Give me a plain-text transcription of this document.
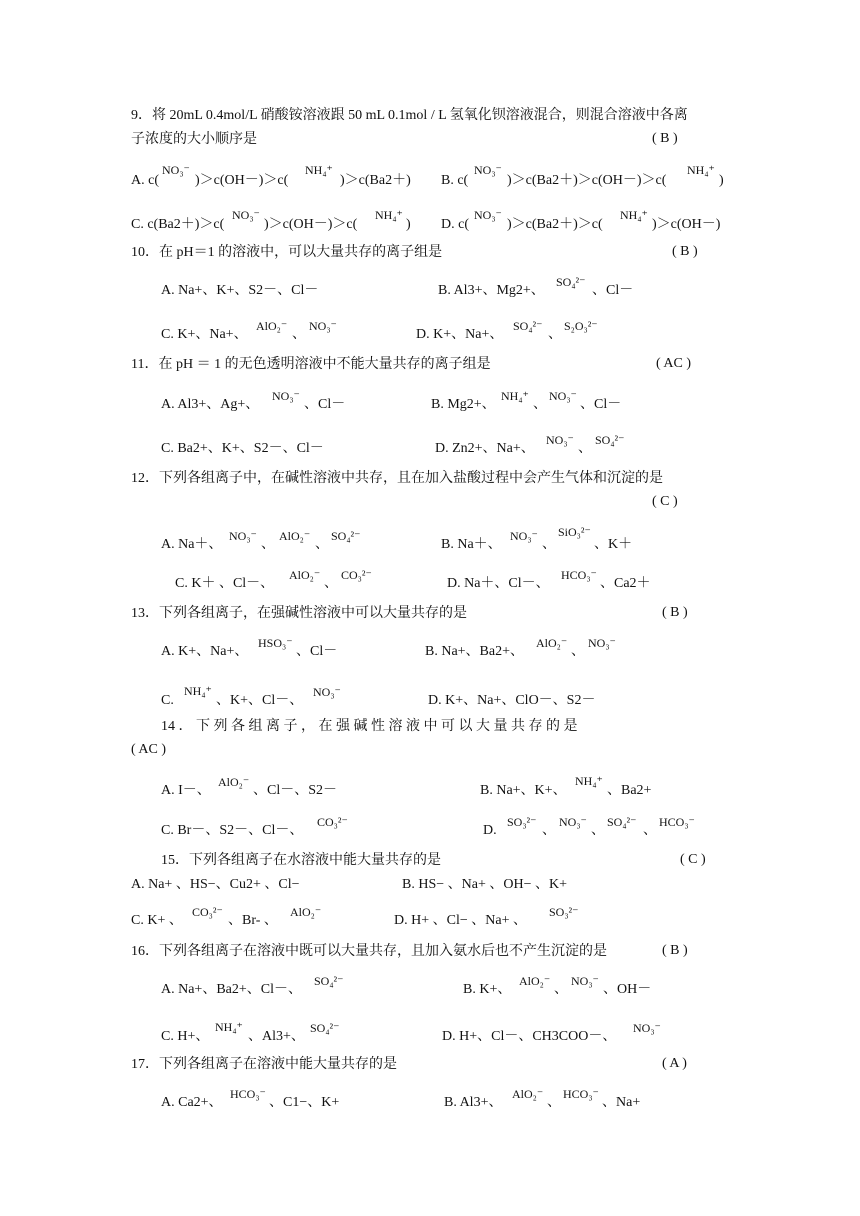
9．将 20mL 0.4mol/L 硝酸铵溶液跟 50 mL 0.1mol / L 氢氧化钡溶液混合，则混合溶液中各离
子浓度的大小顺序是	( B )
A. c(
NO₃⁻
)＞c(OH－)＞c(
NH₄⁺
)＞c(Ba2＋) B. c(
NO₃⁻
)＞c(Ba2＋)＞c(OH－)＞c(
NH₄⁺
)
C. c(Ba2＋)＞c(
NO₃⁻
)＞c(OH－)＞c(
NH₄⁺
) D. c(
NO₃⁻
)＞c(Ba2＋)＞c(
NH₄⁺
)＞c(OH－)
10．在 pH＝1 的溶液中，可以大量共存的离子组是	( B )
A. Na+、K+、S2－、Cl－	B. Al3+、Mg2+、
SO₄²⁻
、Cl－
C. K+、Na+、
AlO₂⁻
、
NO₃⁻
D. K+、Na+、
SO₄²⁻
、
S₂O₃²⁻
11．在 pH ＝ 1 的无色透明溶液中不能大量共存的离子组是	( AC )
A. Al3+、Ag+、
NO₃⁻
、Cl－	B. Mg2+、
NH₄⁺
、
NO₃⁻
、Cl－
C. Ba2+、K+、S2－、Cl－	D. Zn2+、Na+、
NO₃⁻
、
SO₄²⁻
12．下列各组离子中，在碱性溶液中共存，且在加入盐酸过程中会产生气体和沉淀的是
( C )
A. Na＋、
NO₃⁻
、
AlO₂⁻
、
SO₄²⁻
B. Na＋、
NO₃⁻
、
SiO₃²⁻
、K＋
C. K＋ 、Cl－、
AlO₂⁻
、
CO₃²⁻
D. Na＋、Cl－、
HCO₃⁻
、Ca2＋
13．下列各组离子，在强碱性溶液中可以大量共存的是	( B )
A. K+、Na+、
HSO₃⁻
、Cl－	B. Na+、Ba2+、
AlO₂⁻
、
NO₃⁻
C.
NH₄⁺
、K+、Cl－、
NO₃⁻
D. K+、Na+、ClO－、S2－
14 ． 下 列 各 组 离 子 ， 在 强 碱 性 溶 液 中 可 以 大 量 共 存 的 是
( AC )
A. I－、
AlO₂⁻
、Cl－、S2－	B. Na+、K+、
NH₄⁺
、Ba2+
C. Br－、S2－、Cl－、
CO₃²⁻
D.
SO₃²⁻
、
NO₃⁻
、
SO₄²⁻
、
HCO₃⁻
15．下列各组离子在水溶液中能大量共存的是	( C )
A. Na+ 、HS−、Cu2+ 、Cl−	B. HS− 、Na+ 、OH− 、K+
C. K+ 、
CO₃²⁻
、Br- 、
AlO₂⁻
D. H+ 、Cl− 、Na+ 、
SO₃²⁻
16．下列各组离子在溶液中既可以大量共存，且加入氨水后也不产生沉淀的是	( B )
A. Na+、Ba2+、Cl－、
SO₄²⁻
B. K+、
AlO₂⁻
、
NO₃⁻
、OH－
C. H+、
NH₄⁺
、Al3+、
SO₄²⁻
D. H+、Cl－、CH3COO－、
NO₃⁻
17．下列各组离子在溶液中能大量共存的是	( A )
A. Ca2+、
HCO₃⁻
、C1−、K+	B. Al3+、
AlO₂⁻
、
HCO₃⁻
、Na+
